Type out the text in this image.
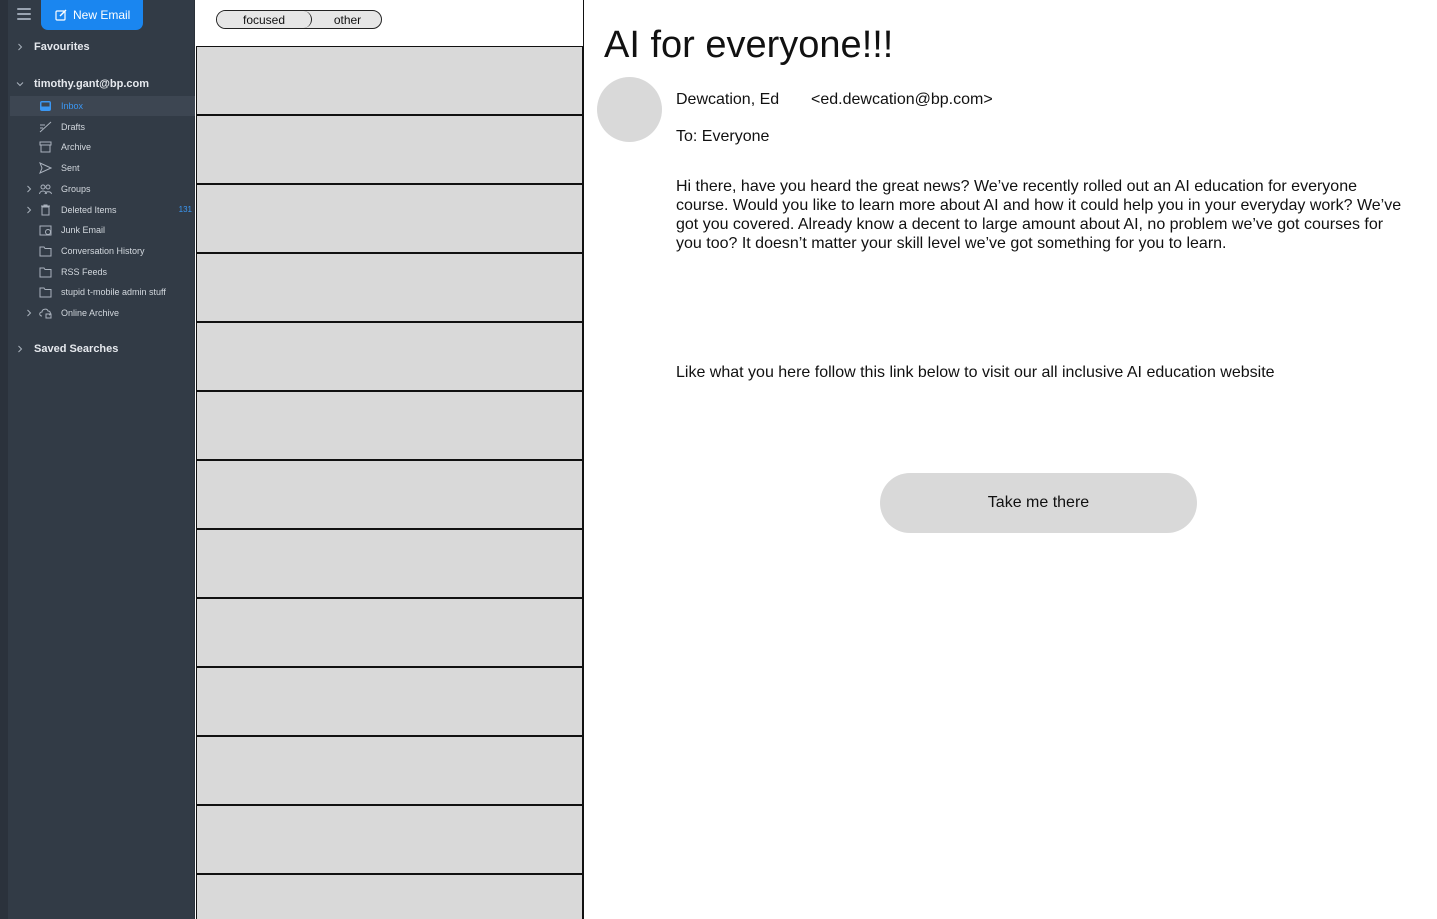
New Email
Favourites
timothy.gant@bp.com
Inbox
Drafts
Archive
Sent
Groups
Deleted Items	131
Junk Email
Conversation History
RSS Feeds
stupid t-mobile admin stuff
Online Archive
Saved Searches
other
focused
AI for everyone!!!
Dewcation, Ed <ed.dewcation@bp.com>
To: Everyone
Hi there, have you heard the great news? We’ve recently rolled out an AI education for everyone course. Would you like to learn more about AI and how it could help you in your everyday work? We’ve got you covered. Already know a decent to large amount about AI, no problem we’ve got courses for you too? It doesn’t matter your skill level we’ve got something for you to learn.
Like what you here follow this link below to visit our all inclusive AI education website
Take me there
